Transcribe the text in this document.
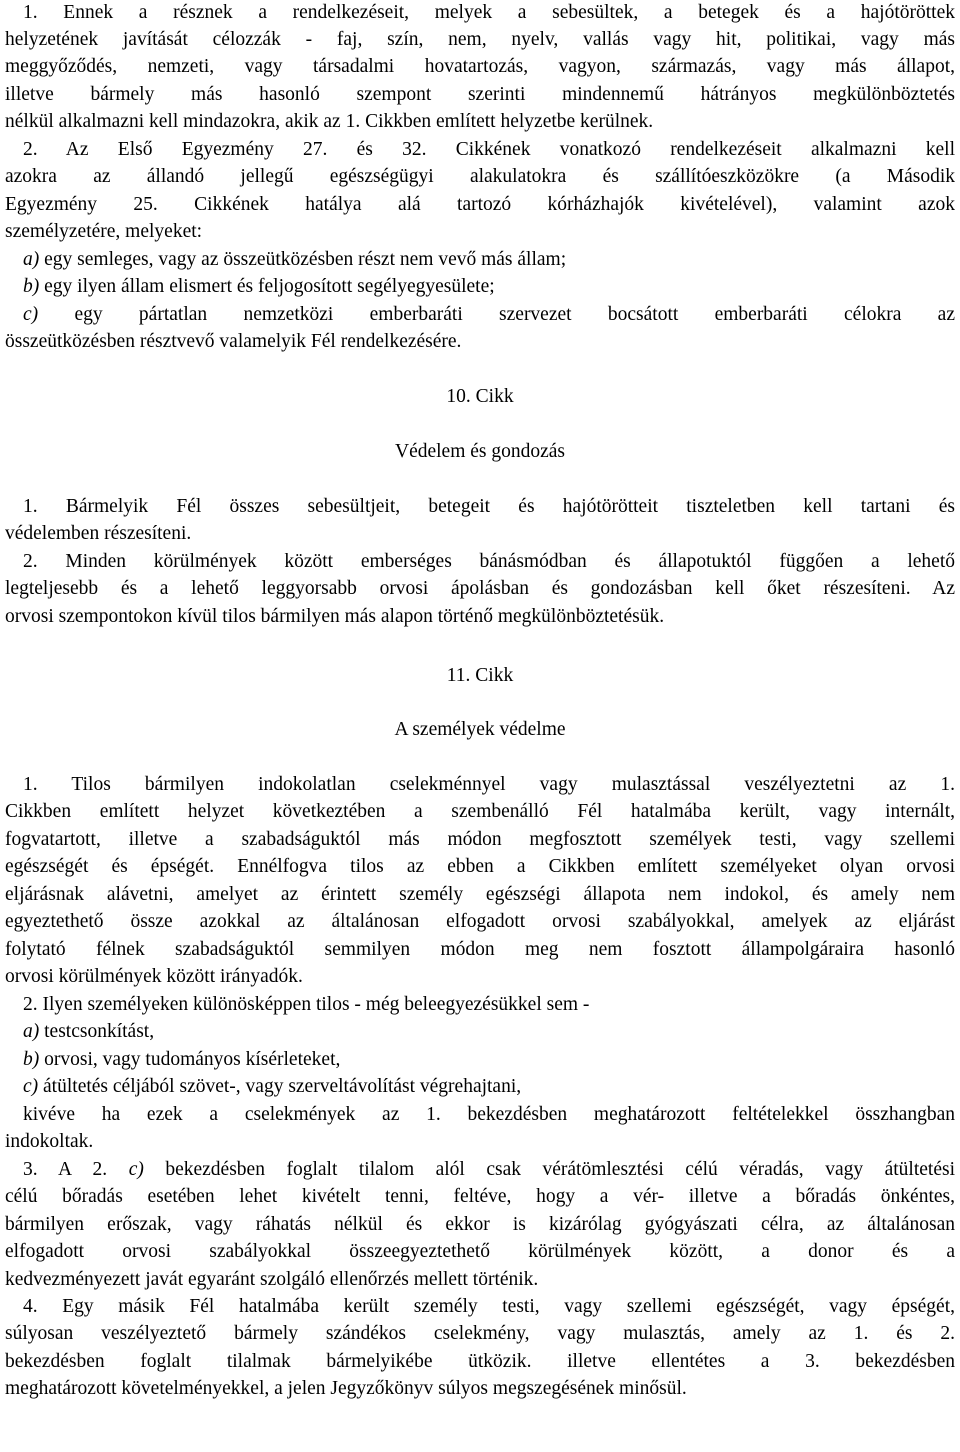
1. Ennek a résznek a rendelkezéseit, melyek a sebesültek, a betegek és a hajótöröttek
helyzetének javítását célozzák - faj, szín, nem, nyelv, vallás vagy hit, politikai, vagy más
meggyőződés, nemzeti, vagy társadalmi hovatartozás, vagyon, származás, vagy más állapot,
illetve bármely más hasonló szempont szerinti mindennemű hátrányos megkülönböztetés
nélkül alkalmazni kell mindazokra, akik az 1. Cikkben említett helyzetbe kerülnek.
2. Az Első Egyezmény 27. és 32. Cikkének vonatkozó rendelkezéseit alkalmazni kell
azokra az állandó jellegű egészségügyi alakulatokra és szállítóeszközökre (a Második
Egyezmény 25. Cikkének hatálya alá tartozó kórházhajók kivételével), valamint azok
személyzetére, melyeket:
a) egy semleges, vagy az összeütközésben részt nem vevő más állam;
b) egy ilyen állam elismert és feljogosított segélyegyesülete;
c) egy pártatlan nemzetközi emberbaráti szervezet bocsátott emberbaráti célokra az
összeütközésben résztvevő valamelyik Fél rendelkezésére.
10. Cikk
Védelem és gondozás
1. Bármelyik Fél összes sebesültjeit, betegeit és hajótörötteit tiszteletben kell tartani és
védelemben részesíteni.
2. Minden körülmények között emberséges bánásmódban és állapotuktól függően a lehető
legteljesebb és a lehető leggyorsabb orvosi ápolásban és gondozásban kell őket részesíteni. Az
orvosi szempontokon kívül tilos bármilyen más alapon történő megkülönböztetésük.
11. Cikk
A személyek védelme
1. Tilos bármilyen indokolatlan cselekménnyel vagy mulasztással veszélyeztetni az 1.
Cikkben említett helyzet következtében a szembenálló Fél hatalmába került, vagy internált,
fogvatartott, illetve a szabadságuktól más módon megfosztott személyek testi, vagy szellemi
egészségét és épségét. Ennélfogva tilos az ebben a Cikkben említett személyeket olyan orvosi
eljárásnak alávetni, amelyet az érintett személy egészségi állapota nem indokol, és amely nem
egyeztethető össze azokkal az általánosan elfogadott orvosi szabályokkal, amelyek az eljárást
folytató félnek szabadságuktól semmilyen módon meg nem fosztott állampolgáraira hasonló
orvosi körülmények között irányadók.
2. Ilyen személyeken különösképpen tilos - még beleegyezésükkel sem -
a) testcsonkítást,
b) orvosi, vagy tudományos kísérleteket,
c) átültetés céljából szövet-, vagy szerveltávolítást végrehajtani,
kivéve ha ezek a cselekmények az 1. bekezdésben meghatározott feltételekkel összhangban
indokoltak.
3. A 2. c) bekezdésben foglalt tilalom alól csak vérátömlesztési célú véradás, vagy átültetési
célú bőradás esetében lehet kivételt tenni, feltéve, hogy a vér- illetve a bőradás önkéntes,
bármilyen erőszak, vagy ráhatás nélkül és ekkor is kizárólag gyógyászati célra, az általánosan
elfogadott orvosi szabályokkal összeegyeztethető körülmények között, a donor és a
kedvezményezett javát egyaránt szolgáló ellenőrzés mellett történik.
4. Egy másik Fél hatalmába került személy testi, vagy szellemi egészségét, vagy épségét,
súlyosan veszélyeztető bármely szándékos cselekmény, vagy mulasztás, amely az 1. és 2.
bekezdésben foglalt tilalmak bármelyikébe ütközik. illetve ellentétes a 3. bekezdésben
meghatározott követelményekkel, a jelen Jegyzőkönyv súlyos megszegésének minősül.
